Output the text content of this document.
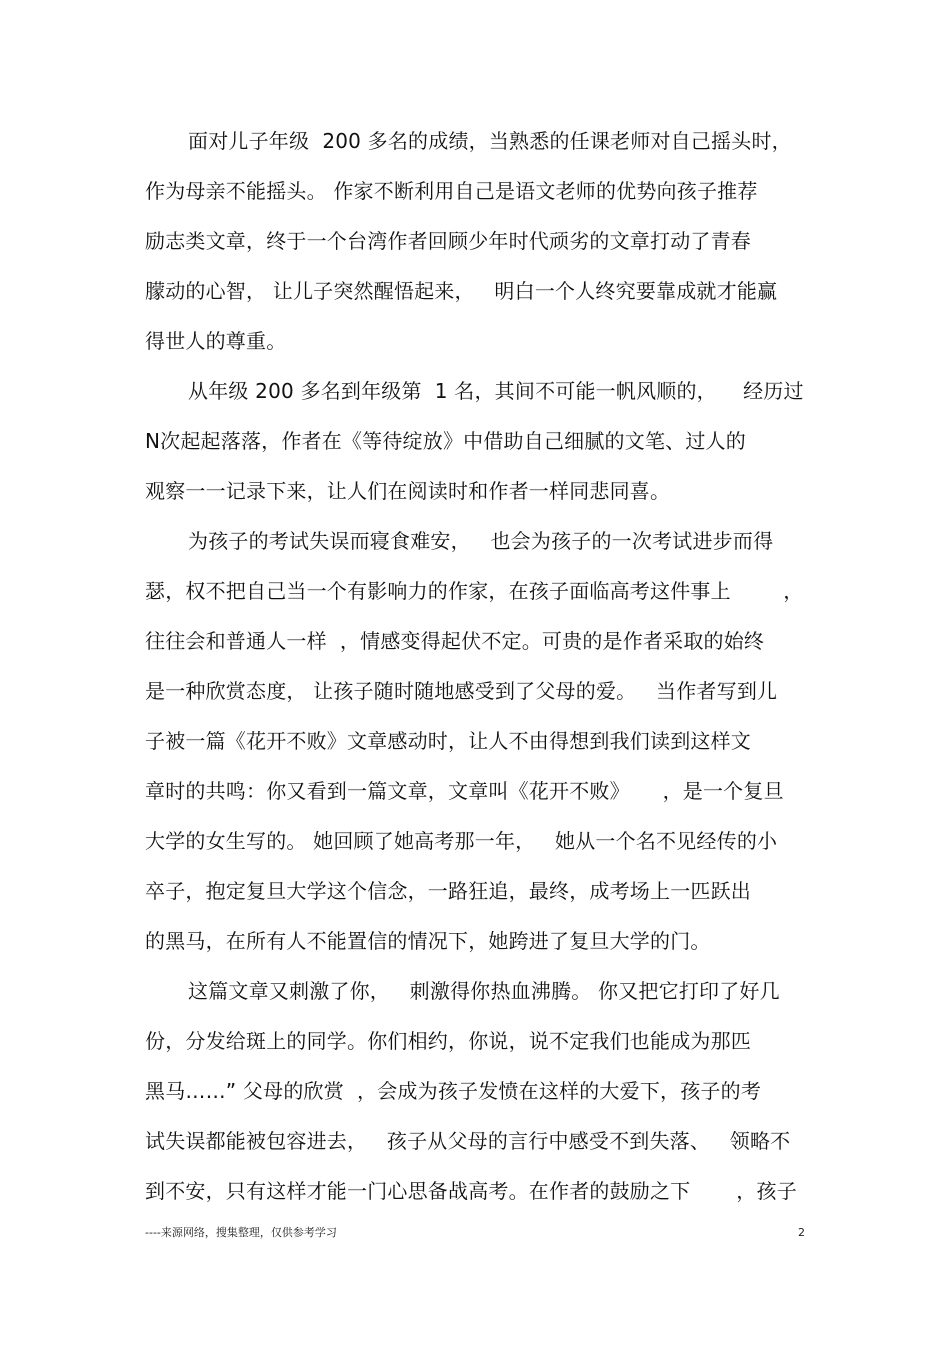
面对儿子年级  200 多名的成绩，当熟悉的任课老师对自己摇头时，
作为母亲不能摇头。 作家不断利用自己是语文老师的优势向孩子推荐
励志类文章，终于一个台湾作者回顾少年时代顽劣的文章打动了青春
朦动的心智， 让儿子突然醒悟起来，   明白一个人终究要靠成就才能赢
得世人的尊重。
从年级 200 多名到年级第  1 名，其间不可能一帆风顺的，    经历过
N次起起落落，作者在《等待绽放》中借助自己细腻的文笔、过人的
观察一一记录下来，让人们在阅读时和作者一样同悲同喜。
为孩子的考试失误而寝食难安，   也会为孩子的一次考试进步而得
瑟，权不把自己当一个有影响力的作家，在孩子面临高考这件事上        ，
往往会和普通人一样  ，情感变得起伏不定。可贵的是作者采取的始终
是一种欣赏态度， 让孩子随时随地感受到了父母的爱。   当作者写到儿
子被一篇《花开不败》文章感动时，让人不由得想到我们读到这样文
章时的共鸣：你又看到一篇文章，文章叫《花开不败》     ，是一个复旦
大学的女生写的。 她回顾了她高考那一年，   她从一个名不见经传的小
卒子，抱定复旦大学这个信念，一路狂追，最终，成考场上一匹跃出
的黑马，在所有人不能置信的情况下，她跨进了复旦大学的门。
这篇文章又刺激了你，   刺激得你热血沸腾。 你又把它打印了好几
份，分发给斑上的同学。你们相约，你说，说不定我们也能成为那匹
黑马……” 父母的欣赏  ，会成为孩子发愤在这样的大爱下，孩子的考
试失误都能被包容进去，   孩子从父母的言行中感受不到失落、   领略不
到不安，只有这样才能一门心思备战高考。在作者的鼓励之下       ，孩子
----来源网络，搜集整理，仅供参考学习	2
